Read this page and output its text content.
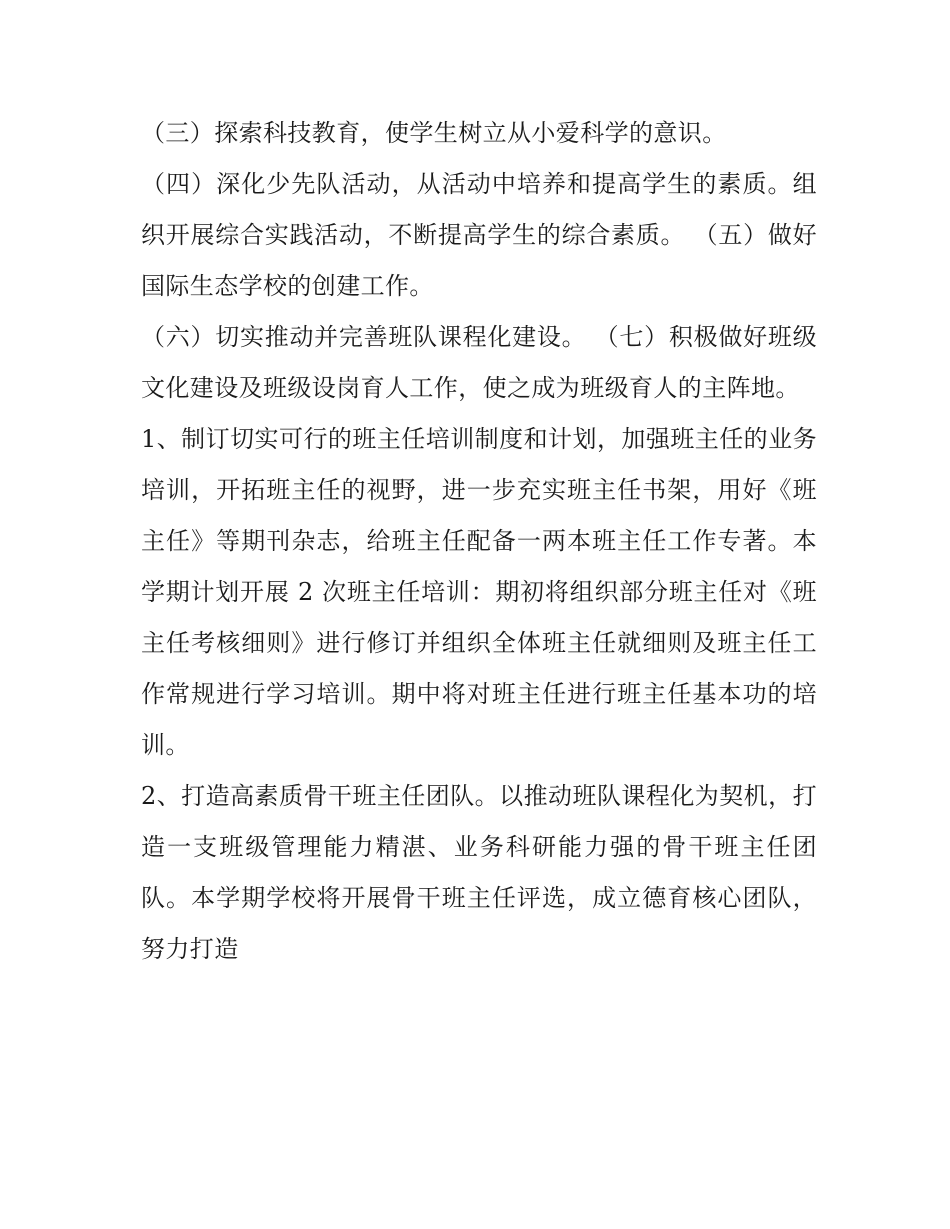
（三）探索科技教育，使学生树立从小爱科学的意识。

（四）深化少先队活动，从活动中培养和提高学生的素质。组织开展综合实践活动，不断提高学生的综合素质。 （五）做好国际生态学校的创建工作。

（六）切实推动并完善班队课程化建设。 （七）积极做好班级文化建设及班级设岗育人工作，使之成为班级育人的主阵地。

1、制订切实可行的班主任培训制度和计划，加强班主任的业务培训，开拓班主任的视野，进一步充实班主任书架，用好《班主任》等期刊杂志，给班主任配备一两本班主任工作专著。本学期计划开展 2 次班主任培训：期初将组织部分班主任对《班主任考核细则》进行修订并组织全体班主任就细则及班主任工作常规进行学习培训。期中将对班主任进行班主任基本功的培训。

2、打造高素质骨干班主任团队。以推动班队课程化为契机，打造一支班级管理能力精湛、业务科研能力强的骨干班主任团队。本学期学校将开展骨干班主任评选，成立德育核心团队，努力打造
